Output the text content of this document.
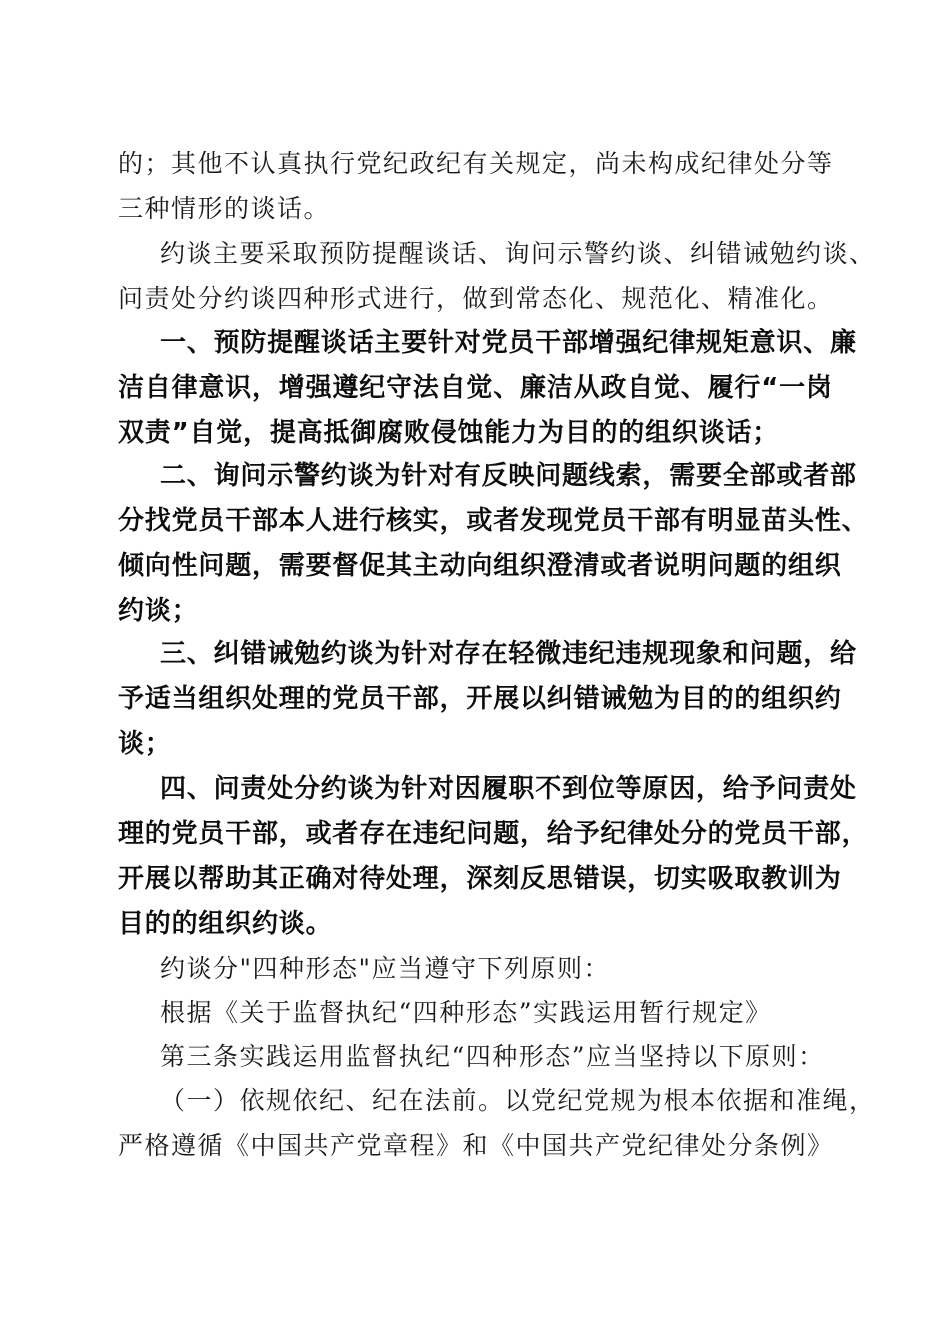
的；其他不认真执行党纪政纪有关规定，尚未构成纪律处分等
三种情形的谈话。
约谈主要采取预防提醒谈话、询问示警约谈、纠错诫勉约谈、
问责处分约谈四种形式进行，做到常态化、规范化、精准化。
一、预防提醒谈话主要针对党员干部增强纪律规矩意识、廉
洁自律意识，增强遵纪守法自觉、廉洁从政自觉、履行“一岗
双责”自觉，提高抵御腐败侵蚀能力为目的的组织谈话；
二、询问示警约谈为针对有反映问题线索，需要全部或者部
分找党员干部本人进行核实，或者发现党员干部有明显苗头性、
倾向性问题，需要督促其主动向组织澄清或者说明问题的组织
约谈；
三、纠错诫勉约谈为针对存在轻微违纪违规现象和问题，给
予适当组织处理的党员干部，开展以纠错诫勉为目的的组织约
谈；
四、问责处分约谈为针对因履职不到位等原因，给予问责处
理的党员干部，或者存在违纪问题，给予纪律处分的党员干部，
开展以帮助其正确对待处理，深刻反思错误，切实吸取教训为
目的的组织约谈。
约谈分"四种形态"应当遵守下列原则：
根据《关于监督执纪“四种形态”实践运用暂行规定》
第三条实践运用监督执纪“四种形态”应当坚持以下原则：
（一）依规依纪、纪在法前。以党纪党规为根本依据和准绳，
严格遵循《中国共产党章程》和《中国共产党纪律处分条例》
